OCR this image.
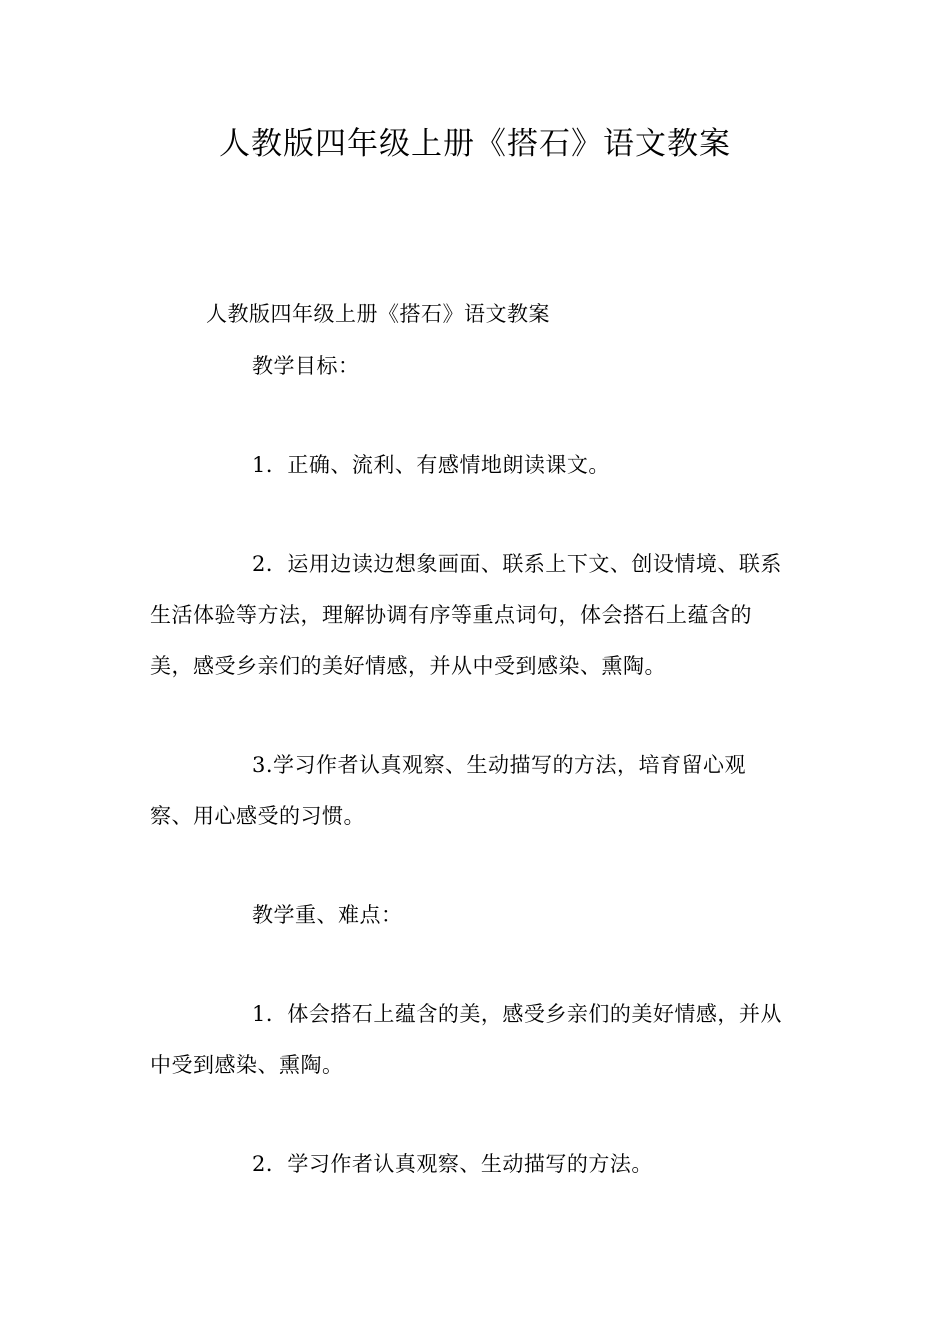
人教版四年级上册《搭石》语文教案
人教版四年级上册《搭石》语文教案
教学目标：
1．正确、流利、有感情地朗读课文。
2．运用边读边想象画面、联系上下文、创设情境、联系
生活体验等方法，理解协调有序等重点词句，体会搭石上蕴含的
美，感受乡亲们的美好情感，并从中受到感染、熏陶。
3.学习作者认真观察、生动描写的方法，培育留心观
察、用心感受的习惯。
教学重、难点：
1．体会搭石上蕴含的美，感受乡亲们的美好情感，并从
中受到感染、熏陶。
2．学习作者认真观察、生动描写的方法。
